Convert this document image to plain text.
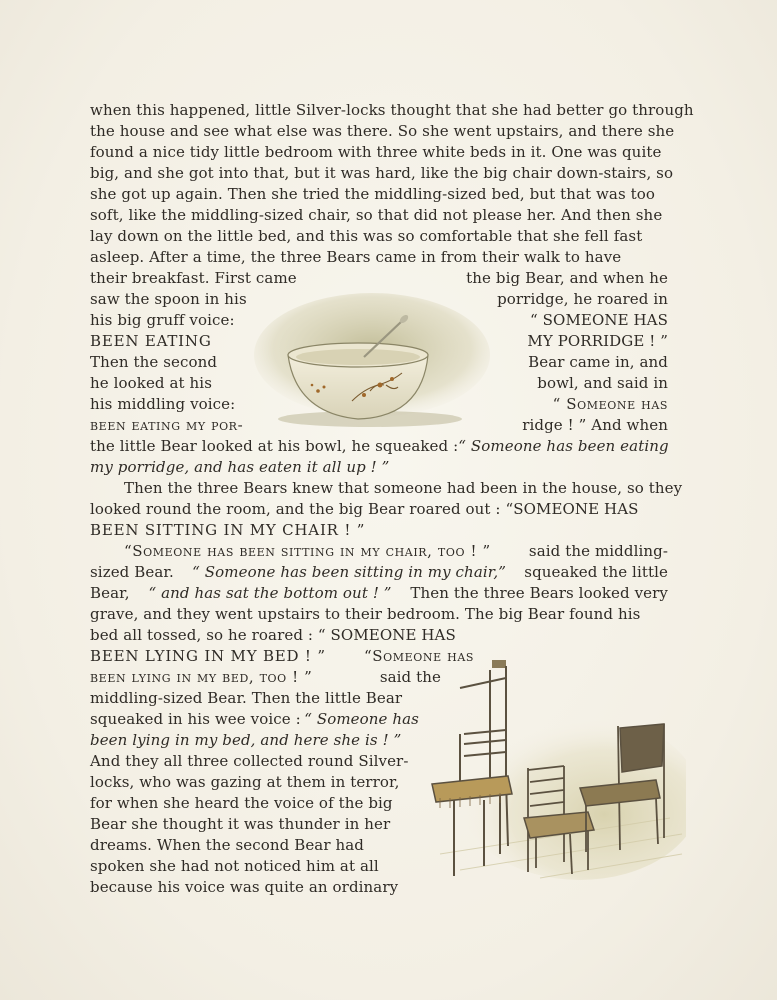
when this happened, little Silver-locks thought that she had better go through
the house and see what else was there. So she went upstairs, and there she
found a nice tidy little bedroom with three white beds in it. One was quite
big, and she got into that, but it was hard, like the big chair down-stairs, so
she got up again. Then she tried the middling-sized bed, but that was too
soft, like the middling-sized chair, so that did not please her. And then she
lay down on the little bed, and this was so comfortable that she fell fast
asleep. After a time, the three Bears came in from their walk to have
their breakfast. First came	the big Bear, and when he
saw the spoon in his	porridge, he roared in
his big gruff voice:	“ SOMEONE HAS
BEEN EATING	MY PORRIDGE ! ”
Then the second	Bear came in, and
he looked at his	bowl, and said in
his middling voice:	“ Someone has
been eating my por-	ridge ! ” And when
the little Bear looked at his bowl, he squeaked : “ Someone has been eating
my porridge, and has eaten it all up ! ”
Then the three Bears knew that someone had been in the house, so they
looked round the room, and the big Bear roared out : “SOMEONE HAS
BEEN SITTING IN MY CHAIR ! ”
“Someone has been sitting in my chair, too ! ”	said the middling-
sized Bear. “ Someone has been sitting in my chair,” squeaked the little
Bear, “ and has sat the bottom out ! ” Then the three Bears looked very
grave, and they went upstairs to their bedroom. The big Bear found his
bed all tossed, so he roared : “ SOMEONE HAS
BEEN LYING IN MY BED ! ”	“Someone has
been lying in my bed, too ! ”	said the
middling-sized Bear. Then the little Bear
squeaked in his wee voice : “ Someone has
been lying in my bed, and here she is ! ”
And they all three collected round Silver-
locks, who was gazing at them in terror,
for when she heard the voice of the big
Bear she thought it was thunder in her
dreams. When the second Bear had
spoken she had not noticed him at all
because his voice was quite an ordinary
